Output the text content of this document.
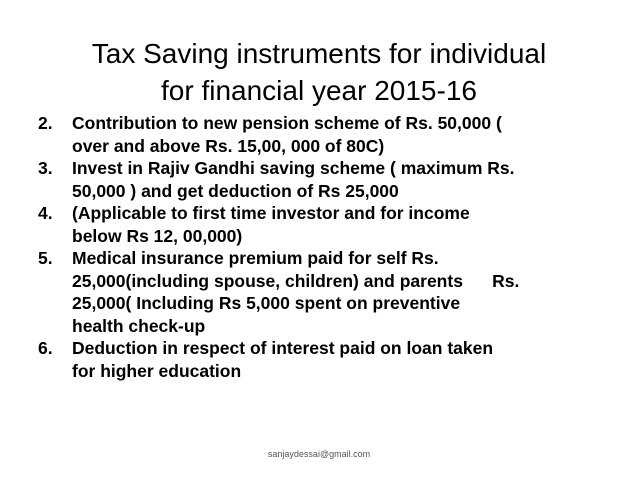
Tax Saving instruments for individual
for financial year 2015-16
2.	Contribution to new pension scheme of Rs. 50,000 (
over and above Rs. 15,00, 000 of 80C)
3.	Invest in Rajiv Gandhi saving scheme ( maximum Rs.
50,000 ) and get deduction of Rs 25,000
4.	(Applicable to first time investor and for income
below Rs 12, 00,000)
5.	Medical insurance premium paid for self Rs.
25,000(including spouse, children) and parents      Rs.
25,000( Including Rs 5,000 spent on preventive
health check-up
6.	Deduction in respect of interest paid on loan taken
for higher education
sanjaydessai@gmail.com
